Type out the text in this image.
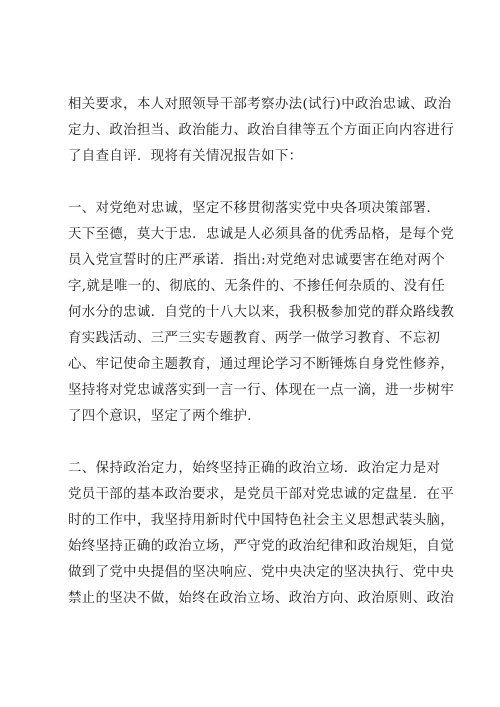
相关要求，本人对照领导干部考察办法(试行)中政治忠诚、政治
定力、政治担当、政治能力、政治自律等五个方面正向内容进行
了自查自评．现将有关情况报告如下：

一、对党绝对忠诚，坚定不移贯彻落实党中央各项决策部署．
天下至德，莫大于忠．忠诚是人必须具备的优秀品格，是每个党
员入党宣誓时的庄严承诺．指出:对党绝对忠诚要害在绝对两个
字,就是唯一的、彻底的、无条件的、不掺任何杂质的、没有任
何水分的忠诚．自党的十八大以来，我积极参加党的群众路线教
育实践活动、三严三实专题教育、两学一做学习教育、不忘初
心、牢记使命主题教育，通过理论学习不断锤炼自身党性修养，
坚持将对党忠诚落实到一言一行、体现在一点一滴，进一步树牢
了四个意识，坚定了两个维护．

二、保持政治定力，始终坚持正确的政治立场．政治定力是对
党员干部的基本政治要求，是党员干部对党忠诚的定盘星．在平
时的工作中，我坚持用新时代中国特色社会主义思想武装头脑，
始终坚持正确的政治立场，严守党的政治纪律和政治规矩，自觉
做到了党中央提倡的坚决响应、党中央决定的坚决执行、党中央
禁止的坚决不做，始终在政治立场、政治方向、政治原则、政治
